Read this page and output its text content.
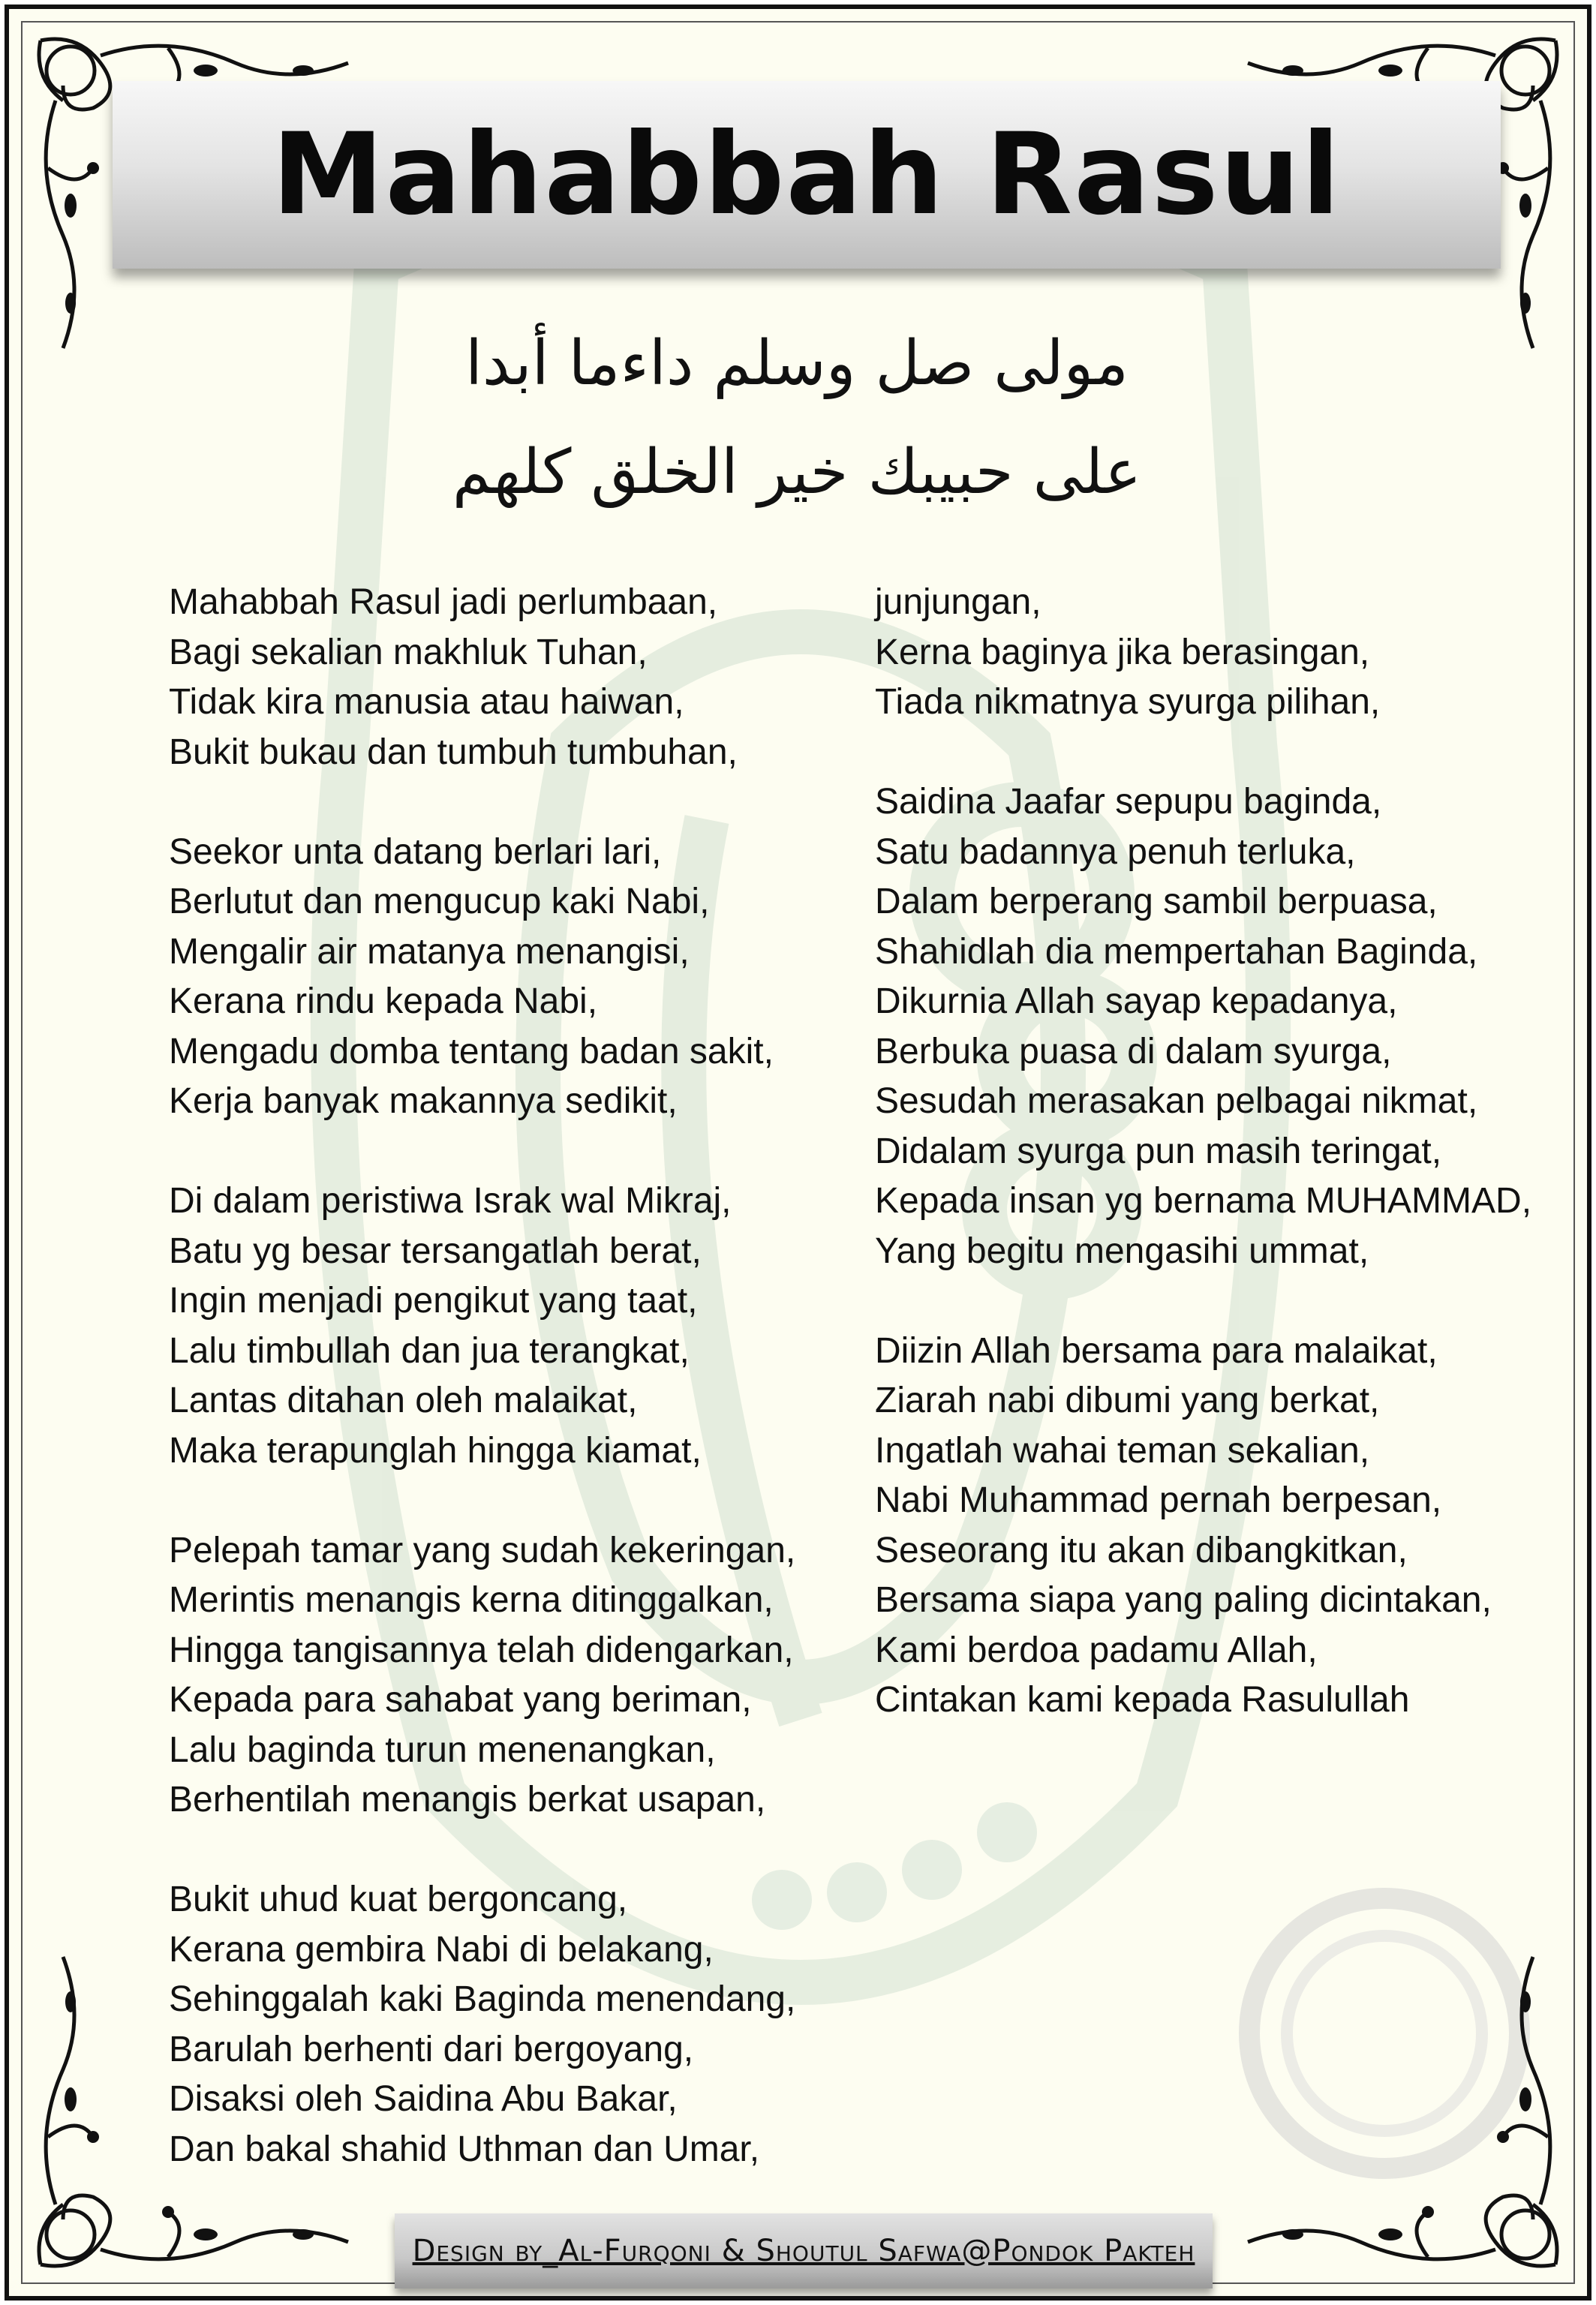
Mahabbah Rasul
مولى صل وسلم داءما أبدا
على حبيبك خير الخلق كلهم
Mahabbah Rasul jadi perlumbaan,
Bagi sekalian makhluk Tuhan,
Tidak kira manusia atau haiwan,
Bukit bukau dan tumbuh tumbuhan,
Seekor unta datang berlari lari,
Berlutut dan mengucup kaki Nabi,
Mengalir air matanya menangisi,
Kerana rindu kepada Nabi,
Mengadu domba tentang badan sakit,
Kerja banyak makannya sedikit,
Di dalam peristiwa Israk wal Mikraj,
Batu yg besar tersangatlah berat,
Ingin menjadi pengikut yang taat,
Lalu timbullah dan jua terangkat,
Lantas ditahan oleh malaikat,
Maka terapunglah hingga kiamat,
Pelepah tamar yang sudah kekeringan,
Merintis menangis kerna ditinggalkan,
Hingga tangisannya telah didengarkan,
Kepada para sahabat yang beriman,
Lalu baginda turun menenangkan,
Berhentilah menangis berkat usapan,
Bukit uhud kuat bergoncang,
Kerana gembira Nabi di belakang,
Sehinggalah kaki Baginda menendang,
Barulah berhenti dari bergoyang,
Disaksi oleh Saidina Abu Bakar,
Dan bakal shahid Uthman dan Umar,
junjungan,
Kerna baginya jika berasingan,
Tiada nikmatnya syurga pilihan,
Saidina Jaafar sepupu baginda,
Satu badannya penuh terluka,
Dalam berperang sambil berpuasa,
Shahidlah dia mempertahan Baginda,
Dikurnia Allah sayap kepadanya,
Berbuka puasa di dalam syurga,
Sesudah merasakan pelbagai nikmat,
Didalam syurga pun masih teringat,
Kepada insan yg bernama MUHAMMAD,
Yang begitu mengasihi ummat,
Diizin Allah bersama para malaikat,
Ziarah nabi dibumi yang berkat,
Ingatlah wahai teman sekalian,
Nabi Muhammad pernah berpesan,
Seseorang itu akan dibangkitkan,
Bersama siapa yang paling dicintakan,
Kami berdoa padamu Allah,
Cintakan kami kepada Rasulullah
Design by_Al-Furqoni & Shoutul Safwa@Pondok Pakteh
